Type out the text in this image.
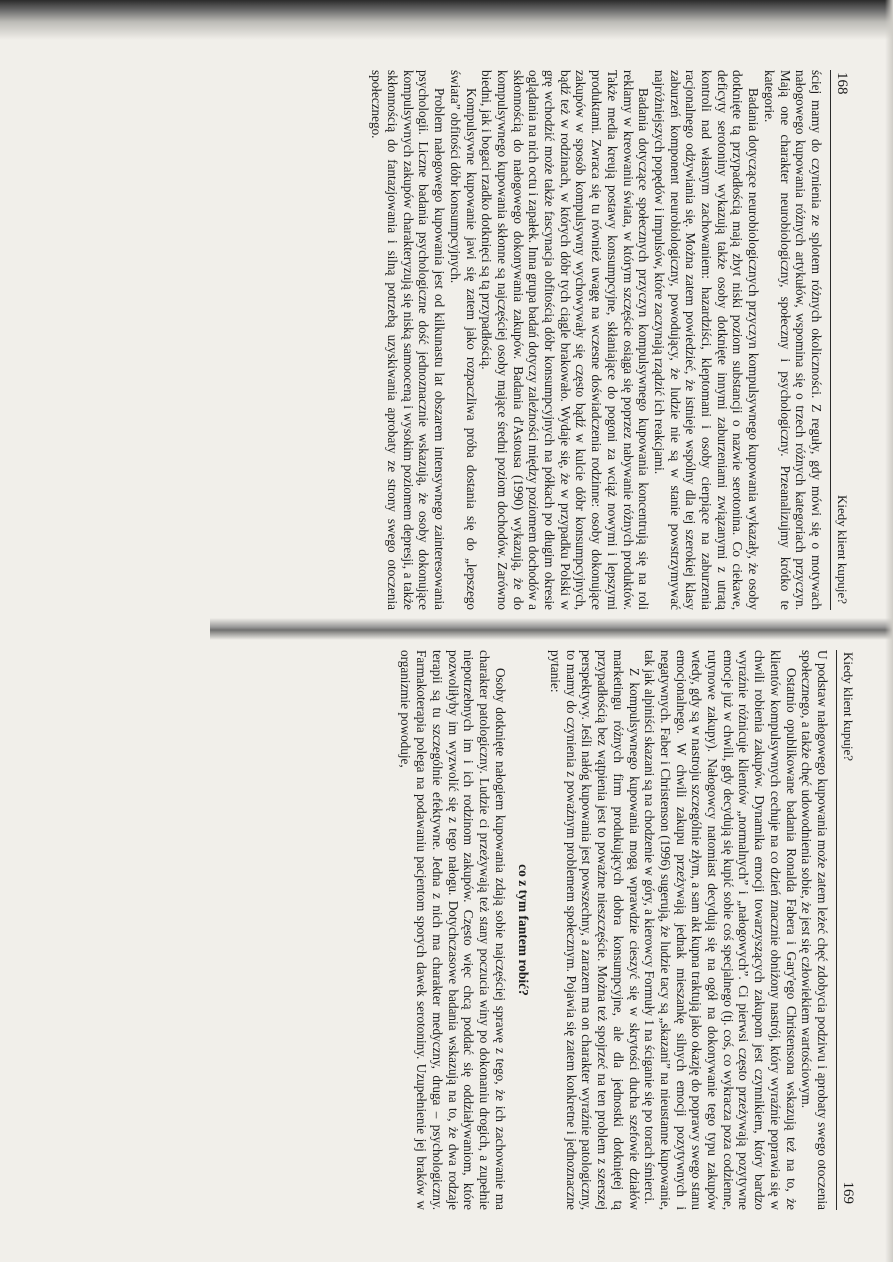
168
Kiedy klient kupuje?

ściej mamy do czynienia ze splotem różnych okoliczności. Z reguły, gdy mówi się o motywach nałogowego kupowania różnych artykułów, wspomina się o trzech różnych kategoriach przyczyn. Mają one charakter neurobiologiczny, społeczny i psychologiczny. Przeanalizujmy krótko te kategorie.

Badania dotyczące neurobiologicznych przyczyn kompulsywnego kupowania wykazały, że osoby dotknięte tą przypadłością mają zbyt niski poziom substancji o nazwie serotonina. Co ciekawe, deficyty serotoniny wykazują także osoby dotknięte innymi zaburzeniami związanymi z utratą kontroli nad własnym zachowaniem: hazardziści, kleptomani i osoby cierpiące na zaburzenia racjonalnego odżywiania się. Można zatem powiedzieć, że istnieje wspólny dla tej szerokiej klasy zaburzeń komponent neurobiologiczny, powodujący, że ludzie nie są w stanie powstrzymywać najróżniejszych popędów i impulsów, które zaczynają rządzić ich reakcjami.

Badania dotyczące społecznych przyczyn kompulsywnego kupowania koncentrują się na roli reklamy w kreowaniu świata, w którym szczęście osiąga się poprzez nabywanie różnych produktów. Także media kreują postawy konsumpcyjne, skłaniające do pogoni za wciąż nowymi i lepszymi produktami. Zwraca się tu również uwagę na wczesne doświadczenia rodzinne: osoby dokonujące zakupów w sposób kompulsywny wychowywały się często bądź w kulcie dóbr konsumpcyjnych, bądź też w rodzinach, w których dóbr tych ciągle brakowało. Wydaje się, że w przypadku Polski w grę wchodzić może także fascynacja obfitością dóbr konsumpcyjnych na półkach po długim okresie oglądania na nich octu i zapałek. Inna grupa badań dotyczy zależności między poziomem dochodów a skłonnością do nałogowego dokonywania zakupów. Badania d'Astousa (1990) wykazują, że do kompulsywnego kupowania skłonne są najczęściej osoby mające średni poziom dochodów. Zarówno biedni, jak i bogaci rzadko dotknięci są tą przypadłością.

Kompulsywne kupowanie jawi się zatem jako rozpaczliwa próba dostania się do „lepszego świata” obfitości dóbr konsumpcyjnych.

Problem nałogowego kupowania jest od kilkunastu lat obszarem intensywnego zainteresowania psychologii. Liczne badania psychologiczne dość jednoznacznie wskazują, że osoby dokonujące kompulsywnych zakupów charakteryzują się niską samooceną i wysokim poziomem depresji, a także skłonnością do fantazjowania i silną potrzebą uzyskiwania aprobaty ze strony swego otoczenia społecznego.

Kiedy klient kupuje?
169

U podstaw nałogowego kupowania może zatem leżeć chęć zdobycia podziwu i aprobaty swego otoczenia społecznego, a także chęć udowodnienia sobie, że jest się człowiekiem wartościowym.

Ostatnio opublikowane badania Ronalda Fabera i Gary'ego Christensona wskazują też na to, że klientów kompulsywnych cechuje na co dzień znacznie obniżony nastrój, który wyraźnie poprawia się w chwili robienia zakupów. Dynamika emocji towarzyszących zakupom jest czynnikiem, który bardzo wyraźnie różnicuje klientów „normalnych” i „nałogowych”. Ci pierwsi często przeżywają pozytywne emocje już w chwili, gdy decydują się kupić sobie coś specjalnego (tj. coś, co wykracza poza codzienne, rutynowe zakupy). Nałogowcy natomiast decydują się na ogół na dokonywanie tego typu zakupów wtedy, gdy są w nastroju szczególnie złym, a sam akt kupna traktują jako okazję do poprawy swego stanu emocjonalnego. W chwili zakupu przeżywają jednak mieszankę silnych emocji pozytywnych i negatywnych. Faber i Christenson (1996) sugerują, że ludzie tacy są „skazani” na nieustanne kupowanie, tak jak alpiniści skazani są na chodzenie w góry, a kierowcy Formuły 1 na ściganie się po torach śmierci.

Z kompulsywnego kupowania mogą wprawdzie cieszyć się w skrytości ducha szefowie działów marketingu różnych firm produkujących dobra konsumpcyjne, ale dla jednostki dotkniętej tą przypadłością bez wątpienia jest to poważne nieszczęście. Można też spojrzeć na ten problem z szerszej perspektywy. Jeśli nałóg kupowania jest powszechny, a zarazem ma on charakter wyraźnie patologiczny, to mamy do czynienia z poważnym problemem społecznym. Pojawia się zatem konkretne i jednoznaczne pytanie:

co z tym fantem robić?

Osoby dotknięte nałogiem kupowania zdają sobie najczęściej sprawę z tego, że ich zachowanie ma charakter patologiczny. Ludzie ci przeżywają też stany poczucia winy po dokonaniu drogich, a zupełnie niepotrzebnych im i ich rodzinom zakupów. Często więc chcą poddać się oddziaływaniom, które pozwoliłyby im wyzwolić się z tego nałogu. Dotychczasowe badania wskazują na to, że dwa rodzaje terapii są tu szczególnie efektywne. Jedna z nich ma charakter medyczny, druga – psychologiczny. Farmakoterapia polega na podawaniu pacjentom sporych dawek serotoniny. Uzupełnienie jej braków w organizmie powoduje,
